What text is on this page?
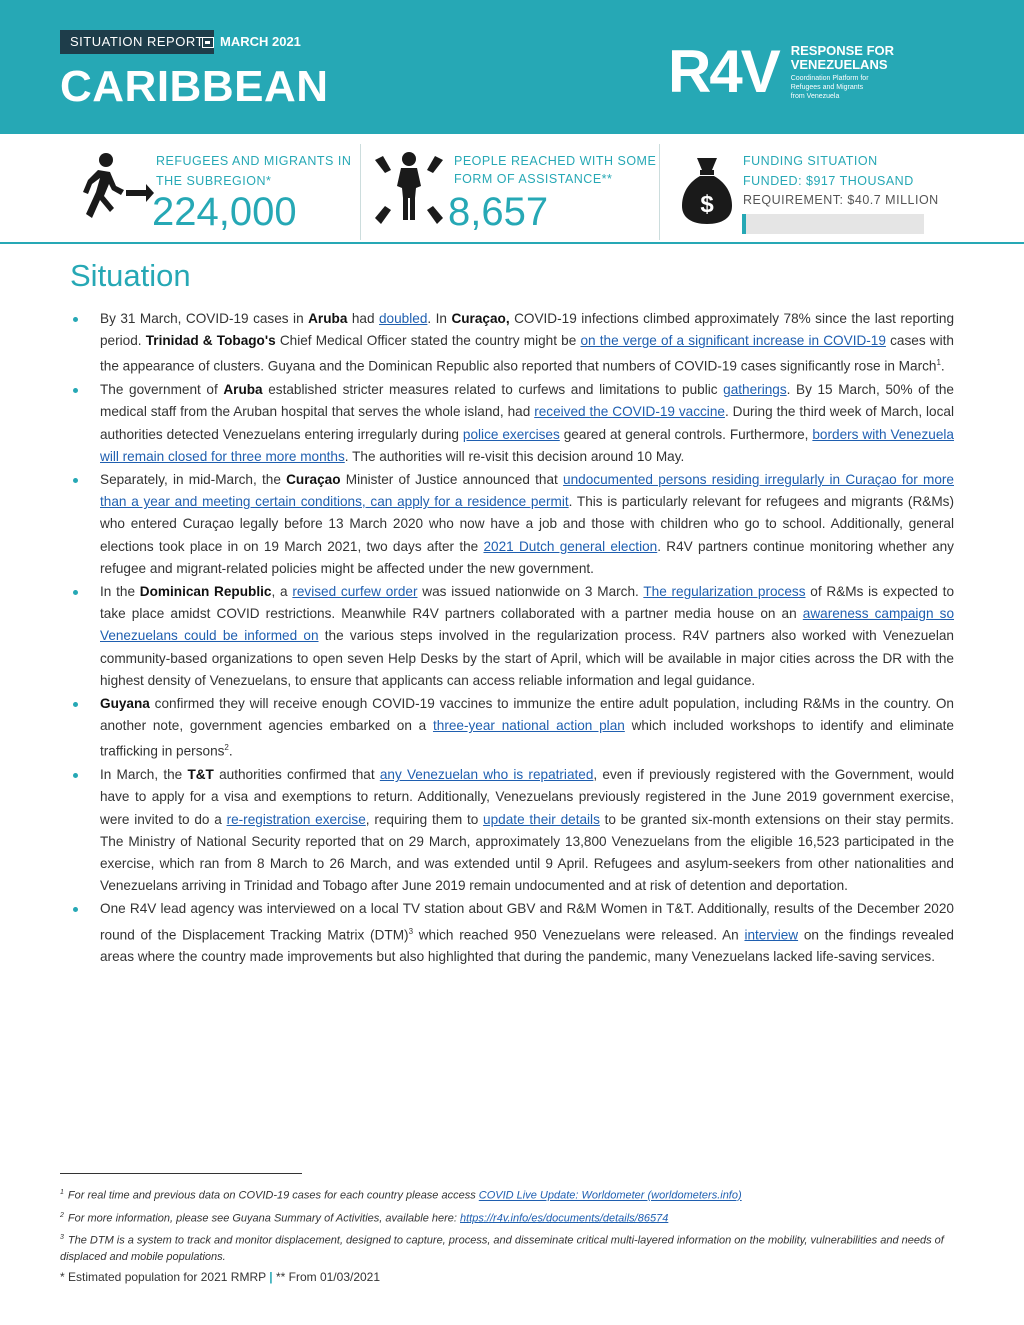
SITUATION REPORT	MARCH 2021
CARIBBEAN	R4V RESPONSE FOR
VENEZUELANS
Coordination Platform for
Refugees and Migrants
from Venezuela
REFUGEES AND MIGRANTS IN
THE SUBREGION*
224,000
PEOPLE REACHED WITH SOME
FORM OF ASSISTANCE**
8,657	$
FUNDING SITUATION
FUNDED: $917 THOUSAND
REQUIREMENT: $40.7 MILLION
Situation
By 31 March, COVID-19 cases in Aruba had doubled. In Curaçao, COVID-19 infections climbed approximately 78% since the last reporting period. Trinidad & Tobago's Chief Medical Officer stated the country might be on the verge of a significant increase in COVID-19 cases with the appearance of clusters. Guyana and the Dominican Republic also reported that numbers of COVID-19 cases significantly rose in March$^1$.
The government of Aruba established stricter measures related to curfews and limitations to public gatherings. By 15 March, 50% of the medical staff from the Aruban hospital that serves the whole island, had received the COVID-19 vaccine. During the third week of March, local authorities detected Venezuelans entering irregularly during police exercises geared at general controls. Furthermore, borders with Venezuela will remain closed for three more months. The authorities will re-visit this decision around 10 May.
Separately, in mid-March, the Curaçao Minister of Justice announced that undocumented persons residing irregularly in Curaçao for more than a year and meeting certain conditions, can apply for a residence permit. This is particularly relevant for refugees and migrants (R&Ms) who entered Curaçao legally before 13 March 2020 who now have a job and those with children who go to school. Additionally, general elections took place in on 19 March 2021, two days after the 2021 Dutch general election. R4V partners continue monitoring whether any refugee and migrant-related policies might be affected under the new government.
In the Dominican Republic, a revised curfew order was issued nationwide on 3 March. The regularization process of R&Ms is expected to take place amidst COVID restrictions. Meanwhile R4V partners collaborated with a partner media house on an awareness campaign so Venezuelans could be informed on the various steps involved in the regularization process. R4V partners also worked with Venezuelan community-based organizations to open seven Help Desks by the start of April, which will be available in major cities across the DR with the highest density of Venezuelans, to ensure that applicants can access reliable information and legal guidance.
Guyana confirmed they will receive enough COVID-19 vaccines to immunize the entire adult population, including R&Ms in the country. On another note, government agencies embarked on a three-year national action plan which included workshops to identify and eliminate trafficking in persons$^2$.
In March, the T&T authorities confirmed that any Venezuelan who is repatriated, even if previously registered with the Government, would have to apply for a visa and exemptions to return. Additionally, Venezuelans previously registered in the June 2019 government exercise, were invited to do a re-registration exercise, requiring them to update their details to be granted six-month extensions on their stay permits. The Ministry of National Security reported that on 29 March, approximately 13,800 Venezuelans from the eligible 16,523 participated in the exercise, which ran from 8 March to 26 March, and was extended until 9 April. Refugees and asylum-seekers from other nationalities and Venezuelans arriving in Trinidad and Tobago after June 2019 remain undocumented and at risk of detention and deportation.
One R4V lead agency was interviewed on a local TV station about GBV and R&M Women in T&T. Additionally, results of the December 2020 round of the Displacement Tracking Matrix (DTM)$^3$ which reached 950 Venezuelans were released. An interview on the findings revealed areas where the country made improvements but also highlighted that during the pandemic, many Venezuelans lacked life-saving services.
$^1$ For real time and previous data on COVID-19 cases for each country please access COVID Live Update: Worldometer (worldometers.info)
$^2$ For more information, please see Guyana Summary of Activities, available here: https://r4v.info/es/documents/details/86574
$^3$ The DTM is a system to track and monitor displacement, designed to capture, process, and disseminate critical multi-layered information on the mobility, vulnerabilities and needs of displaced and mobile populations.
* Estimated population for 2021 RMRP | ** From 01/03/2021
